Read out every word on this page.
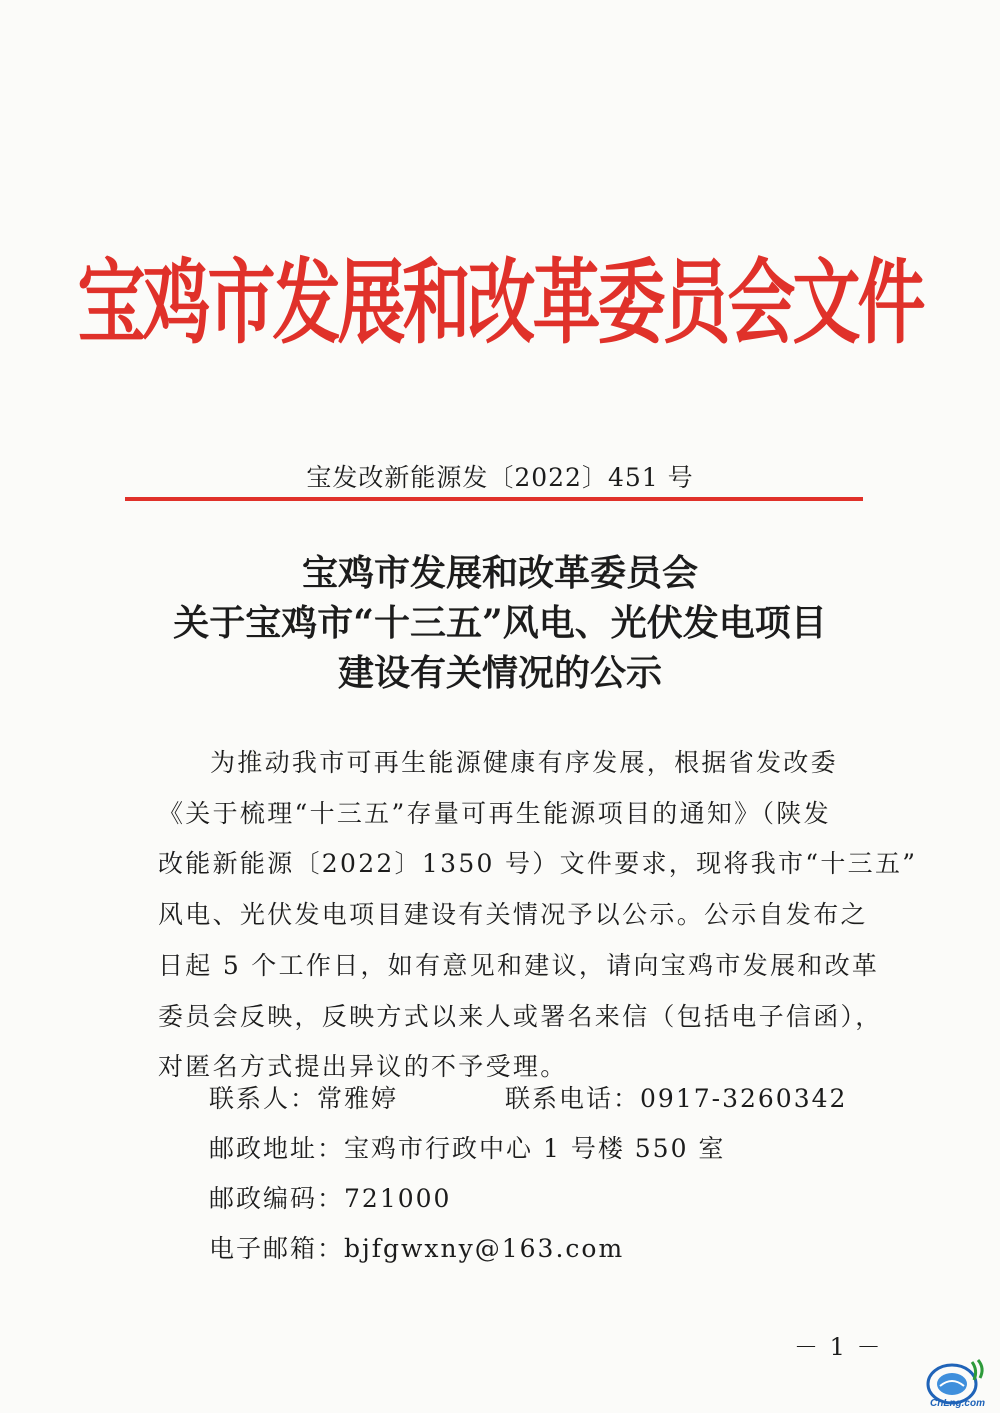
宝鸡市发展和改革委员会文件
宝发改新能源发〔2022〕451 号
宝鸡市发展和改革委员会
关于宝鸡市“十三五”风电、光伏发电项目
建设有关情况的公示
为推动我市可再生能源健康有序发展，根据省发改委
《关于梳理“十三五”存量可再生能源项目的通知》（陕发
改能新能源〔2022〕1350 号）文件要求，现将我市“十三五”
风电、光伏发电项目建设有关情况予以公示。公示自发布之
日起 5 个工作日，如有意见和建议，请向宝鸡市发展和改革
委员会反映，反映方式以来人或署名来信（包括电子信函），
对匿名方式提出异议的不予受理。
联系人：常雅婷	联系电话：0917-3260342
邮政地址：宝鸡市行政中心 1 号楼 550 室
邮政编码：721000
电子邮箱：bjfgwxny@163.com
－ 1 －
CnLng.com
